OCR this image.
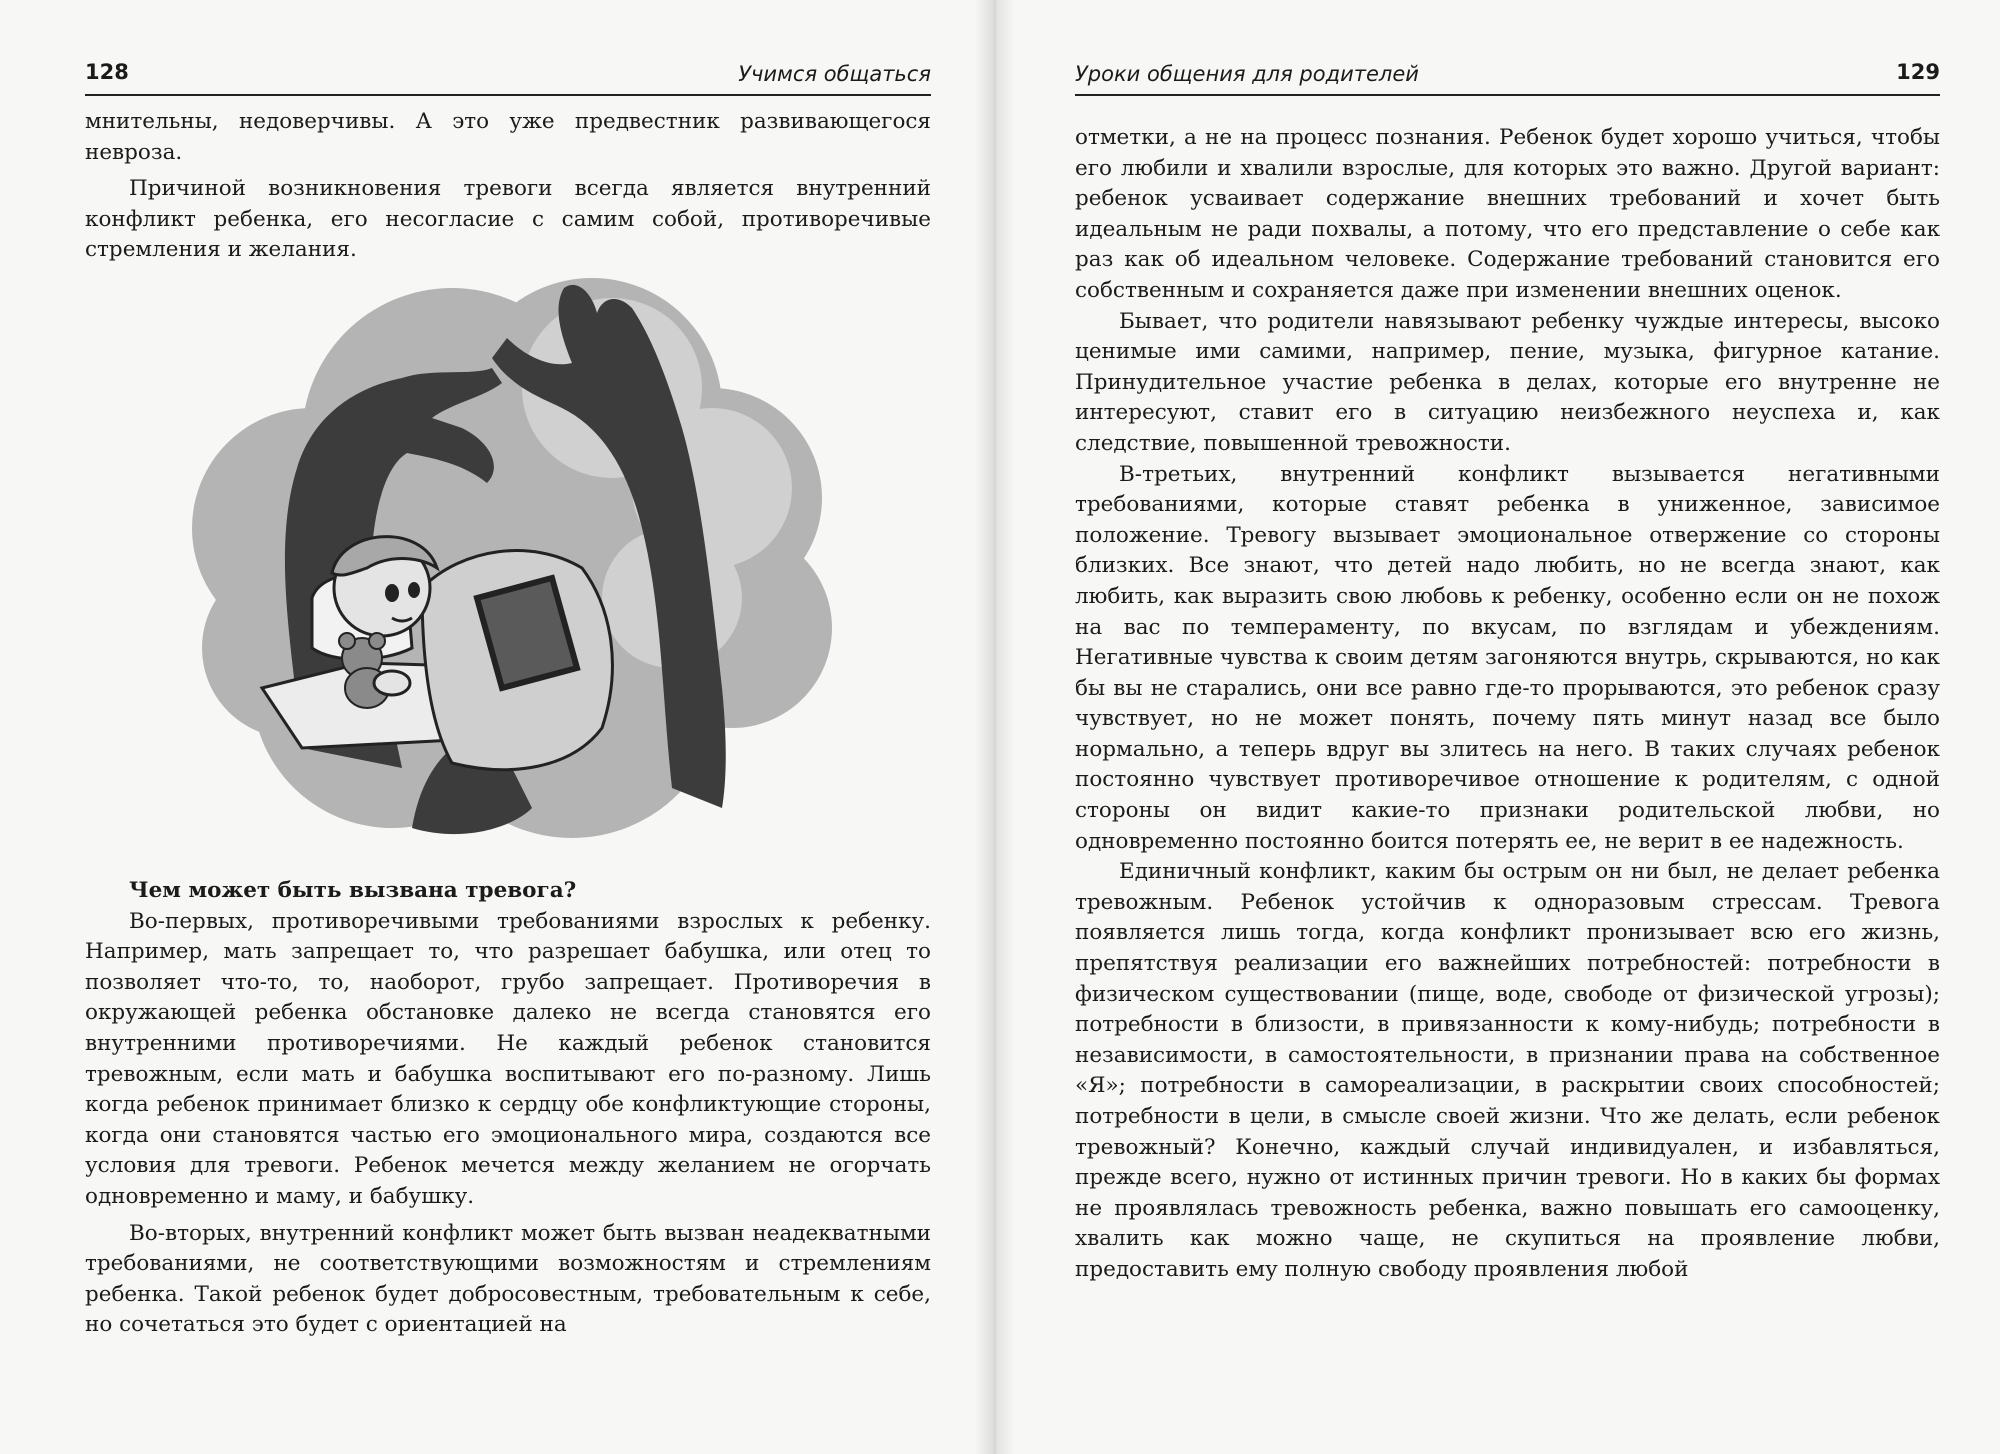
128	Учимся общаться

мнительны, недоверчивы. А это уже предвестник развивающегося невроза.

Причиной возникновения тревоги всегда является внутренний конфликт ребенка, его несогласие с самим собой, противоречивые стремления и желания.

Чем может быть вызвана тревога?

Во-первых, противоречивыми требованиями взрослых к ребенку. Например, мать запрещает то, что разрешает бабушка, или отец то позволяет что-то, то, наоборот, грубо запрещает. Противоречия в окружающей ребенка обстановке далеко не всегда становятся его внутренними противоречиями. Не каждый ребенок становится тревожным, если мать и бабушка воспитывают его по-разному. Лишь когда ребенок принимает близко к сердцу обе конфликтующие стороны, когда они становятся частью его эмоционального мира, создаются все условия для тревоги. Ребенок мечется между желанием не огорчать одновременно и маму, и бабушку.

Во-вторых, внутренний конфликт может быть вызван неадекватными требованиями, не соответствующими возможностям и стремлениям ребенка. Такой ребенок будет добросовестным, требовательным к себе, но сочетаться это будет с ориентацией на

Уроки общения для родителей	129

отметки, а не на процесс познания. Ребенок будет хорошо учиться, чтобы его любили и хвалили взрослые, для которых это важно. Другой вариант: ребенок усваивает содержание внешних требований и хочет быть идеальным не ради похвалы, а потому, что его представление о себе как раз как об идеальном человеке. Содержание требований становится его собственным и сохраняется даже при изменении внешних оценок.

Бывает, что родители навязывают ребенку чуждые интересы, высоко ценимые ими самими, например, пение, музыка, фигурное катание. Принудительное участие ребенка в делах, которые его внутренне не интересуют, ставит его в ситуацию неизбежного неуспеха и, как следствие, повышенной тревожности.

В-третьих, внутренний конфликт вызывается негативными требованиями, которые ставят ребенка в униженное, зависимое положение. Тревогу вызывает эмоциональное отвержение со стороны близких. Все знают, что детей надо любить, но не всегда знают, как любить, как выразить свою любовь к ребенку, особенно если он не похож на вас по темпераменту, по вкусам, по взглядам и убеждениям. Негативные чувства к своим детям загоняются внутрь, скрываются, но как бы вы не старались, они все равно где-то прорываются, это ребенок сразу чувствует, но не может понять, почему пять минут назад все было нормально, а теперь вдруг вы злитесь на него. В таких случаях ребенок постоянно чувствует противоречивое отношение к родителям, с одной стороны он видит какие-то признаки родительской любви, но одновременно постоянно боится потерять ее, не верит в ее надежность.

Единичный конфликт, каким бы острым он ни был, не делает ребенка тревожным. Ребенок устойчив к одноразовым стрессам. Тревога появляется лишь тогда, когда конфликт пронизывает всю его жизнь, препятствуя реализации его важнейших потребностей: потребности в физическом существовании (пище, воде, свободе от физической угрозы); потребности в близости, в привязанности к кому-нибудь; потребности в независимости, в самостоятельности, в признании права на собственное «Я»; потребности в самореализации, в раскрытии своих способностей; потребности в цели, в смысле своей жизни. Что же делать, если ребенок тревожный? Конечно, каждый случай индивидуален, и избавляться, прежде всего, нужно от истинных причин тревоги. Но в каких бы формах не проявлялась тревожность ребенка, важно повышать его самооценку, хвалить как можно чаще, не скупиться на проявление любви, предоставить ему полную свободу проявления любой
